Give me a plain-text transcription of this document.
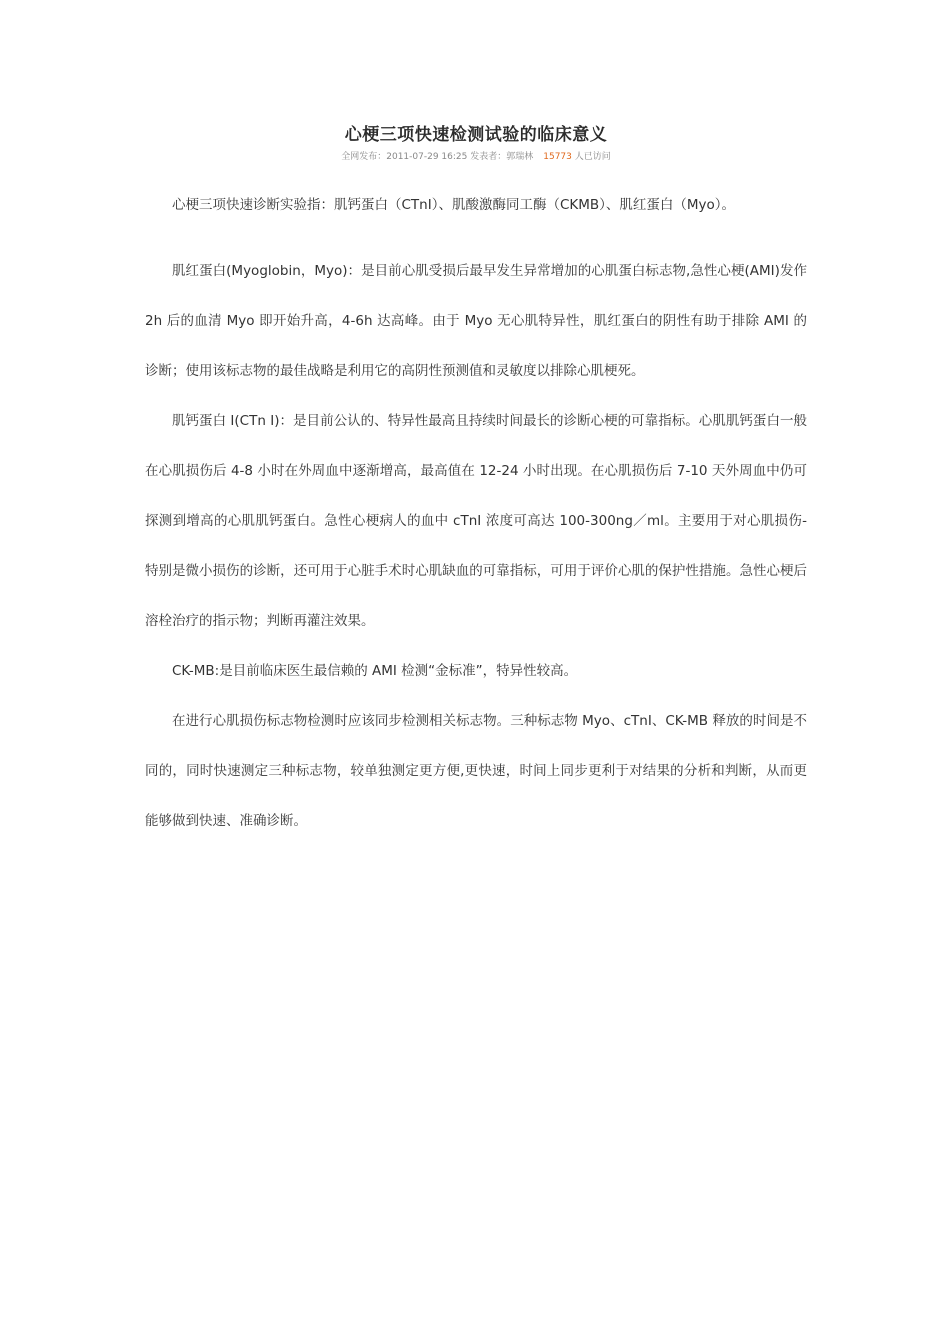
心梗三项快速检测试验的临床意义
全网发布：2011-07-29 16:25 发表者：郭瑞林 15773 人已访问

心梗三项快速诊断实验指：肌钙蛋白（CTnI）、肌酸激酶同工酶（CKMB）、肌红蛋白（Myo）。

肌红蛋白(Myoglobin，Myo)：是目前心肌受损后最早发生异常增加的心肌蛋白标志物,急性心梗(AMI)发作 2h 后的血清 Myo 即开始升高，4-6h 达高峰。由于 Myo 无心肌特异性，肌红蛋白的阴性有助于排除 AMI 的诊断；使用该标志物的最佳战略是利用它的高阴性预测值和灵敏度以排除心肌梗死。

肌钙蛋白 I(CTn I)：是目前公认的、特异性最高且持续时间最长的诊断心梗的可靠指标。心肌肌钙蛋白一般在心肌损伤后 4-8 小时在外周血中逐渐增高，最高值在 12-24 小时出现。在心肌损伤后 7-10 天外周血中仍可探测到增高的心肌肌钙蛋白。急性心梗病人的血中 cTnI 浓度可高达 100-300ng／ml。主要用于对心肌损伤-特别是微小损伤的诊断，还可用于心脏手术时心肌缺血的可靠指标，可用于评价心肌的保护性措施。急性心梗后溶栓治疗的指示物；判断再灌注效果。

CK-MB:是目前临床医生最信赖的 AMI 检测“金标准”，特异性较高。

在进行心肌损伤标志物检测时应该同步检测相关标志物。三种标志物 Myo、cTnI、CK-MB 释放的时间是不同的，同时快速测定三种标志物，较单独测定更方便,更快速，时间上同步更利于对结果的分析和判断，从而更能够做到快速、准确诊断。
